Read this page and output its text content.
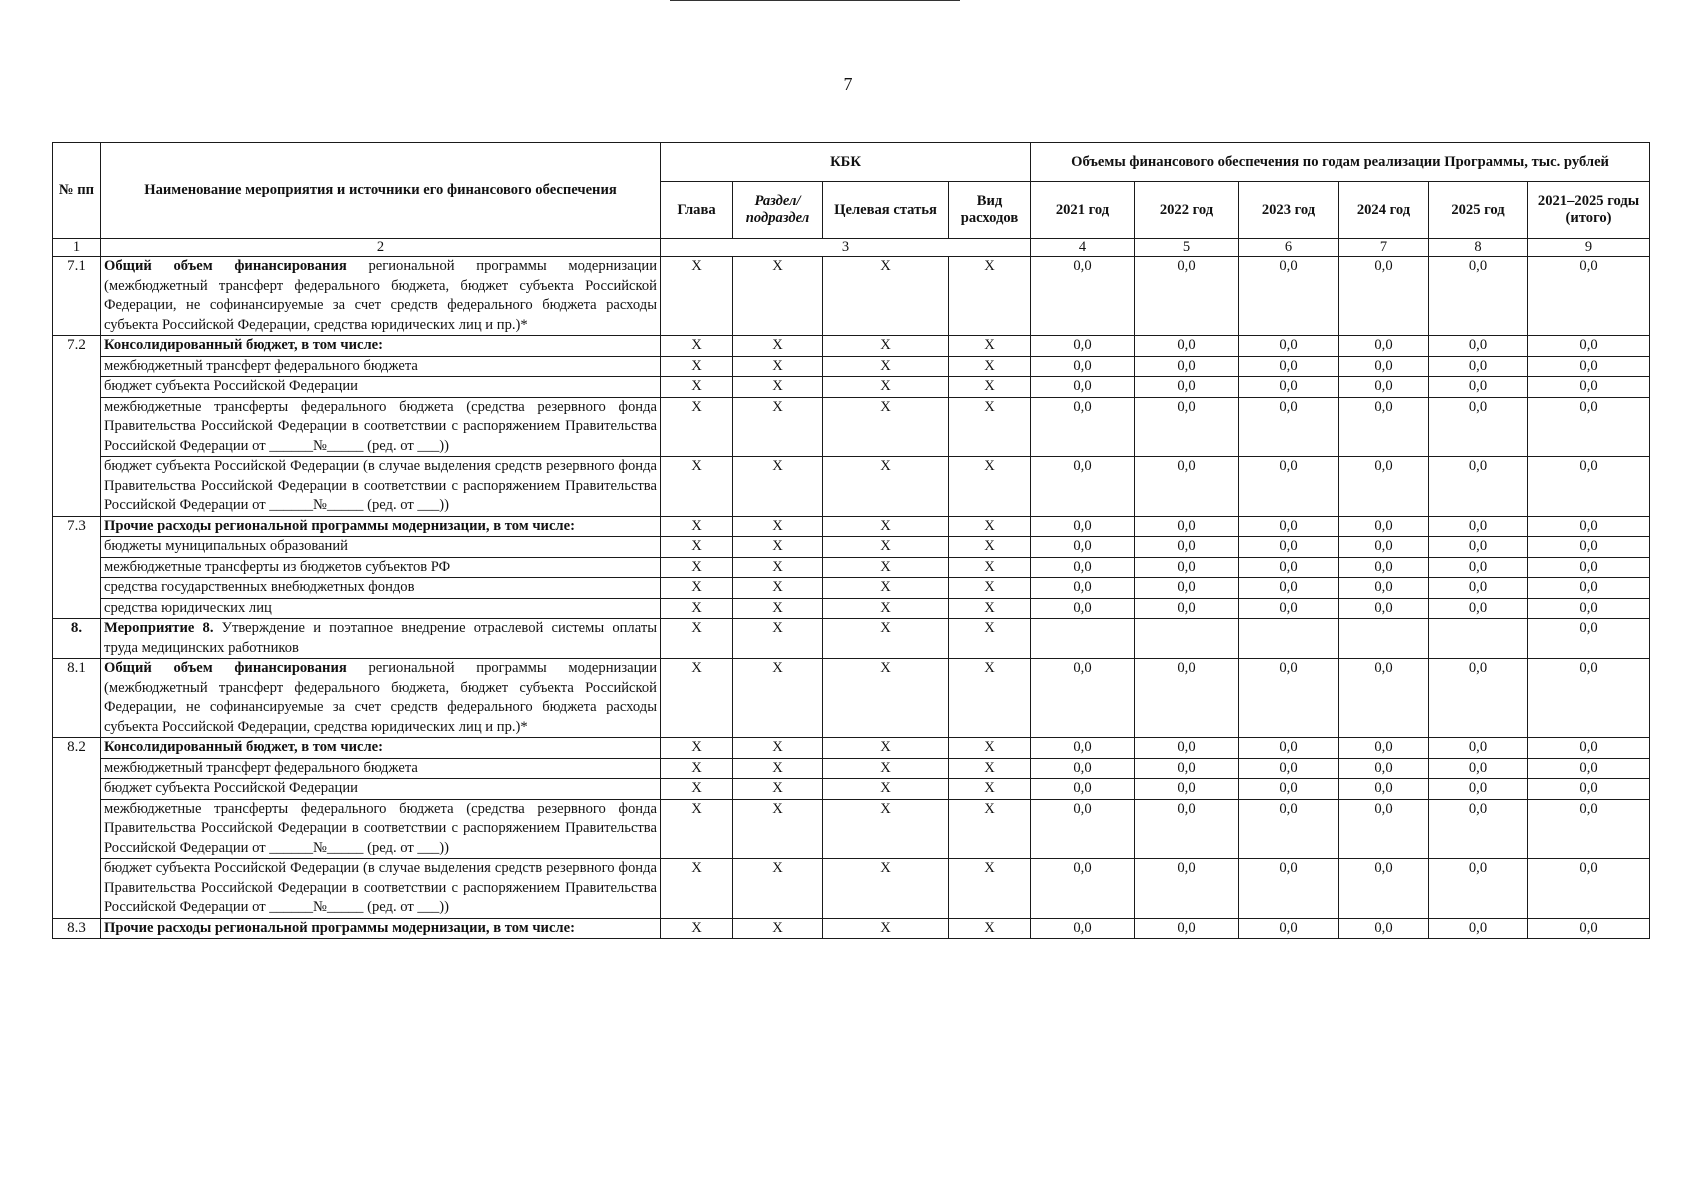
7
№ пп	Наименование мероприятия и источники его финансового обеспечения	КБК				Объемы финансового обеспечения по годам реализации Программы, тыс. рублей					
		Глава	Раздел/ подраздел	Целевая статья	Вид расходов	2021 год	2022 год	2023 год	2024 год	2025 год	2021–2025 годы (итого)
1	2	3				4	5	6	7	8	9
7.1	Общий объем финансирования региональной программы модернизации (межбюджетный трансферт федерального бюджета, бюджет субъекта Российской Федерации, не софинансируемые за счет средств федерального бюджета расходы субъекта Российской Федерации, средства юридических лиц и пр.)*	Х	Х	Х	Х	0,0	0,0	0,0	0,0	0,0	0,0
7.2	Консолидированный бюджет, в том числе:	Х	Х	Х	Х	0,0	0,0	0,0	0,0	0,0	0,0
	межбюджетный трансферт федерального бюджета	Х	Х	Х	Х	0,0	0,0	0,0	0,0	0,0	0,0
	бюджет субъекта Российской Федерации	Х	Х	Х	Х	0,0	0,0	0,0	0,0	0,0	0,0
	межбюджетные трансферты федерального бюджета (средства резервного фонда Правительства Российской Федерации в соответствии с распоряжением Правительства Российской Федерации от ______№_____ (ред. от ___))	Х	Х	Х	Х	0,0	0,0	0,0	0,0	0,0	0,0
	бюджет субъекта Российской Федерации (в случае выделения средств резервного фонда Правительства Российской Федерации в соответствии с распоряжением Правительства Российской Федерации от ______№_____ (ред. от ___))	Х	Х	Х	Х	0,0	0,0	0,0	0,0	0,0	0,0
7.3	Прочие расходы региональной программы модернизации, в том числе:	Х	Х	Х	Х	0,0	0,0	0,0	0,0	0,0	0,0
	бюджеты муниципальных образований	Х	Х	Х	Х	0,0	0,0	0,0	0,0	0,0	0,0
	межбюджетные трансферты из бюджетов субъектов РФ	Х	Х	Х	Х	0,0	0,0	0,0	0,0	0,0	0,0
	средства государственных внебюджетных фондов	Х	Х	Х	Х	0,0	0,0	0,0	0,0	0,0	0,0
	средства юридических лиц	Х	Х	Х	Х	0,0	0,0	0,0	0,0	0,0	0,0
8.	Мероприятие 8. Утверждение и поэтапное внедрение отраслевой системы оплаты труда медицинских работников	Х	Х	Х	Х						0,0
8.1	Общий объем финансирования региональной программы модернизации (межбюджетный трансферт федерального бюджета, бюджет субъекта Российской Федерации, не софинансируемые за счет средств федерального бюджета расходы субъекта Российской Федерации, средства юридических лиц и пр.)*	Х	Х	Х	Х	0,0	0,0	0,0	0,0	0,0	0,0
8.2	Консолидированный бюджет, в том числе:	Х	Х	Х	Х	0,0	0,0	0,0	0,0	0,0	0,0
	межбюджетный трансферт федерального бюджета	Х	Х	Х	Х	0,0	0,0	0,0	0,0	0,0	0,0
	бюджет субъекта Российской Федерации	Х	Х	Х	Х	0,0	0,0	0,0	0,0	0,0	0,0
	межбюджетные трансферты федерального бюджета (средства резервного фонда Правительства Российской Федерации в соответствии с распоряжением Правительства Российской Федерации от ______№_____ (ред. от ___))	Х	Х	Х	Х	0,0	0,0	0,0	0,0	0,0	0,0
	бюджет субъекта Российской Федерации (в случае выделения средств резервного фонда Правительства Российской Федерации в соответствии с распоряжением Правительства Российской Федерации от ______№_____ (ред. от ___))	Х	Х	Х	Х	0,0	0,0	0,0	0,0	0,0	0,0
8.3	Прочие расходы региональной программы модернизации, в том числе:	Х	Х	Х	Х	0,0	0,0	0,0	0,0	0,0	0,0
